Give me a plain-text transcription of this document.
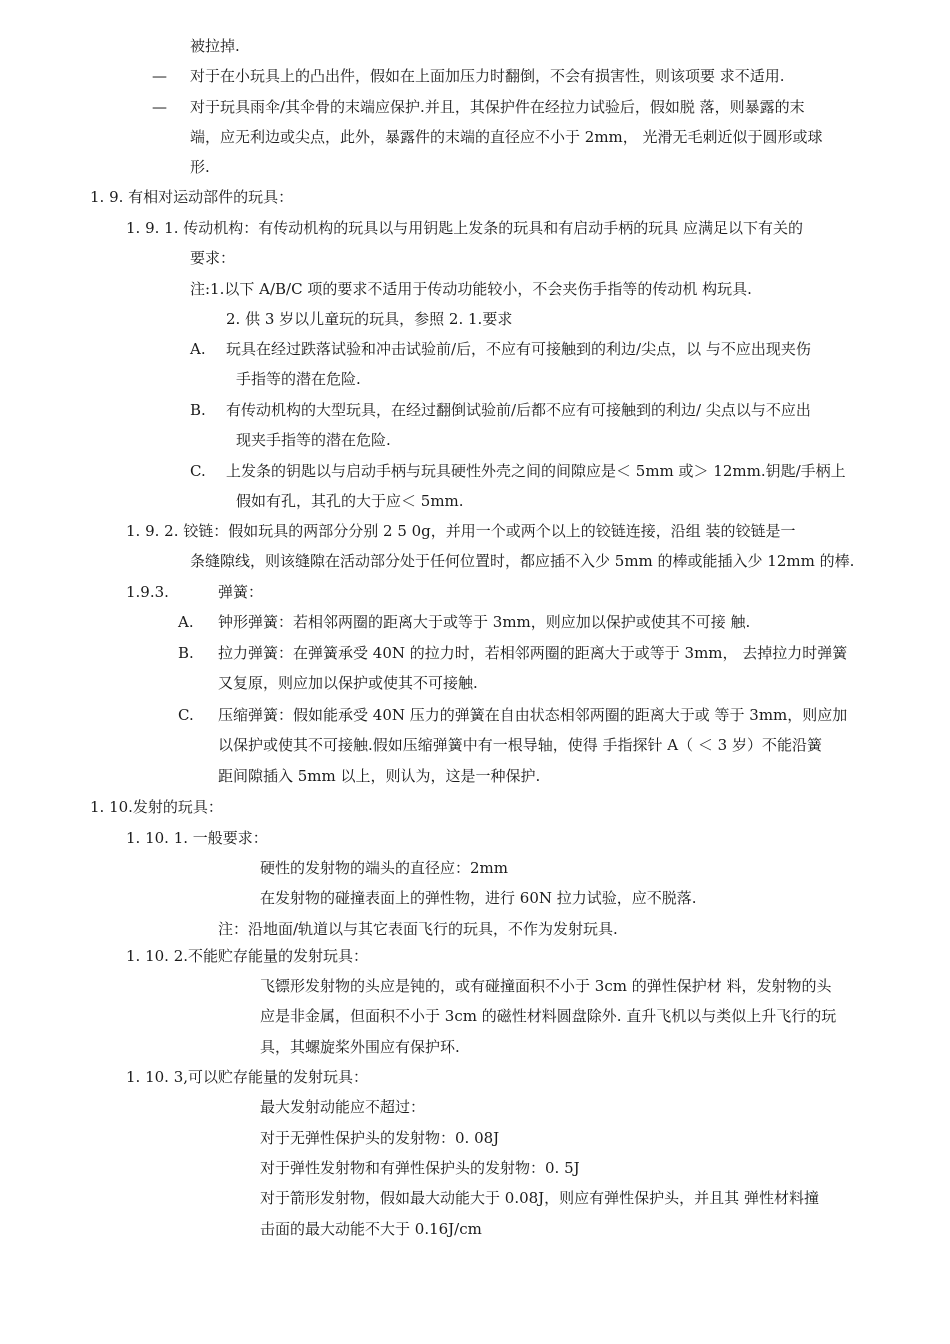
被拉掉.
— 对于在小玩具上的凸出件，假如在上面加压力时翻倒，不会有损害性，则该项要 求不适用.
— 对于玩具雨伞/其伞骨的末端应保护.并且，其保护件在经拉力试验后，假如脱 落，则暴露的末
端，应无利边或尖点，此外，暴露件的末端的直径应不小于 2mm， 光滑无毛刺近似于圆形或球
形.
1. 9. 有相对运动部件的玩具：
1. 9. 1. 传动机构：有传动机构的玩具以与用钥匙上发条的玩具和有启动手柄的玩具 应满足以下有关的
要求：
注:1.以下 A/B/C 项的要求不适用于传动功能较小，不会夹伤手指等的传动机 构玩具.
2. 供 3 岁以儿童玩的玩具，参照 2. 1.要求
A. 玩具在经过跌落试验和冲击试验前/后，不应有可接触到的利边/尖点，以 与不应出现夹伤
手指等的潜在危险.
B. 有传动机构的大型玩具，在经过翻倒试验前/后都不应有可接触到的利边/ 尖点以与不应出
现夹手指等的潜在危险.
C. 上发条的钥匙以与启动手柄与玩具硬性外壳之间的间隙应是＜ 5mm 或＞ 12mm.钥匙/手柄上
假如有孔，其孔的大于应＜ 5mm.
1. 9. 2. 铰链：假如玩具的两部分分别 2 5 0g，并用一个或两个以上的铰链连接，沿组 装的铰链是一
条缝隙线，则该缝隙在活动部分处于任何位置时，都应插不入少 5mm 的棒或能插入少 12mm 的棒.
1.9.3.	弹簧：
A. 钟形弹簧：若相邻两圈的距离大于或等于 3mm，则应加以保护或使其不可接 触.
B. 拉力弹簧：在弹簧承受 40N 的拉力时，若相邻两圈的距离大于或等于 3mm， 去掉拉力时弹簧
又复原，则应加以保护或使其不可接触.
C. 压缩弹簧：假如能承受 40N 压力的弹簧在自由状态相邻两圈的距离大于或 等于 3mm，则应加
以保护或使其不可接触.假如压缩弹簧中有一根导轴，使得 手指探针 A（ ＜ 3 岁）不能沿簧
距间隙插入 5mm 以上，则认为，这是一种保护.
1. 10.发射的玩具：
1. 10. 1. 一般要求：
硬性的发射物的端头的直径应：2mm
在发射物的碰撞表面上的弹性物，进行 60N 拉力试验，应不脱落.
注：沿地面/轨道以与其它表面飞行的玩具，不作为发射玩具.
1. 10. 2.不能贮存能量的发射玩具：
飞镖形发射物的头应是钝的，或有碰撞面积不小于 3cm 的弹性保护材 料，发射物的头
应是非金属，但面积不小于 3cm 的磁性材料圆盘除外. 直升飞机以与类似上升飞行的玩
具，其螺旋桨外围应有保护环.
1. 10. 3,可以贮存能量的发射玩具：
最大发射动能应不超过：
对于无弹性保护头的发射物：0. 08J
对于弹性发射物和有弹性保护头的发射物：0. 5J
对于箭形发射物，假如最大动能大于 0.08J，则应有弹性保护头，并且其 弹性材料撞
击面的最大动能不大于 0.16J/cm
